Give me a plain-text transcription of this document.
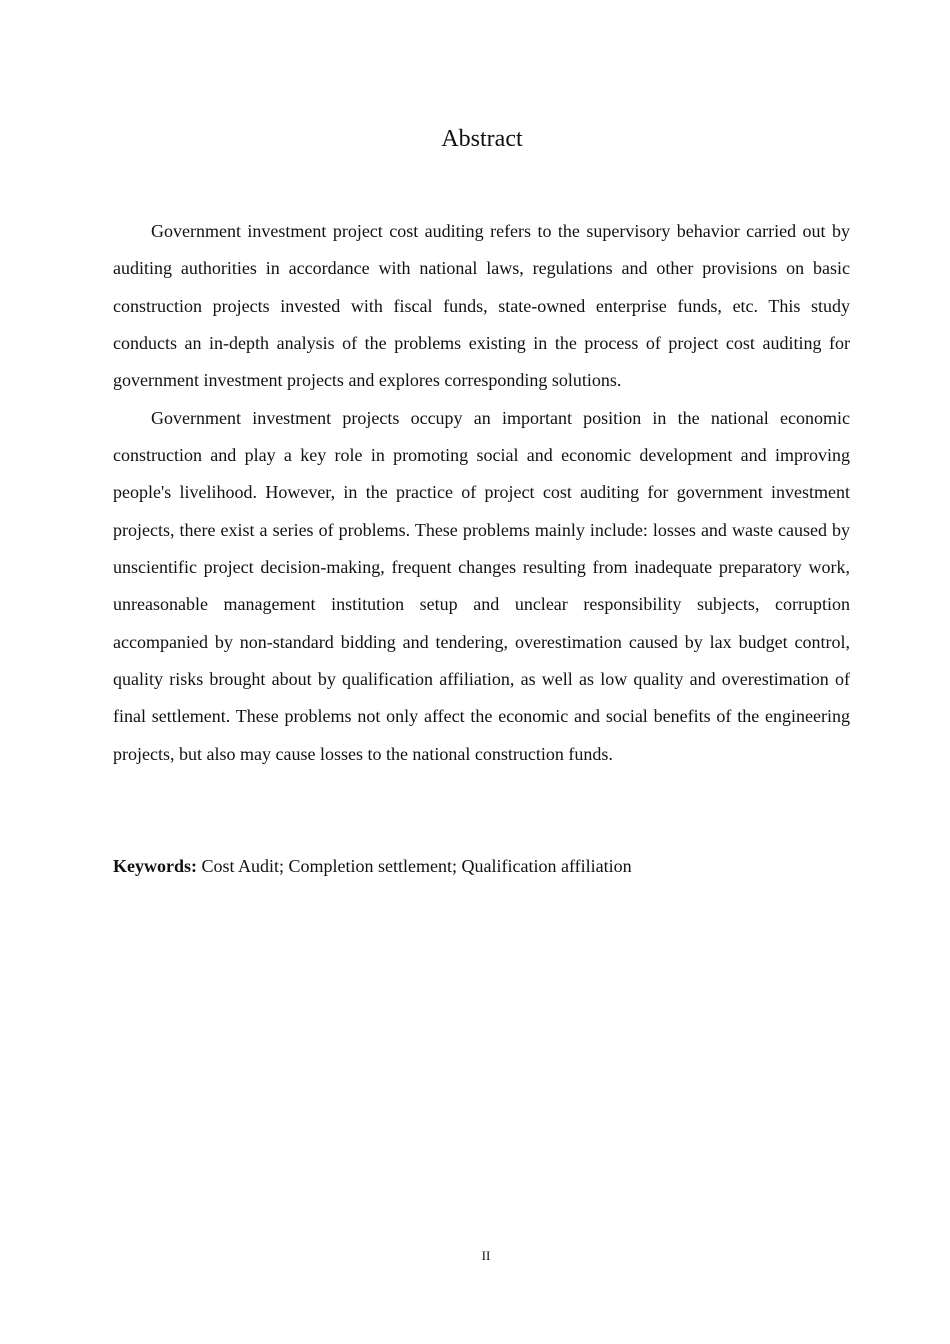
Abstract

Government investment project cost auditing refers to the supervisory behavior carried out by auditing authorities in accordance with national laws, regulations and other provisions on basic construction projects invested with fiscal funds, state-owned enterprise funds, etc. This study conducts an in-depth analysis of the problems existing in the process of project cost auditing for government investment projects and explores corresponding solutions.

Government investment projects occupy an important position in the national economic construction and play a key role in promoting social and economic development and improving people's livelihood. However, in the practice of project cost auditing for government investment projects, there exist a series of problems. These problems mainly include: losses and waste caused by unscientific project decision-making, frequent changes resulting from inadequate preparatory work, unreasonable management institution setup and unclear responsibility subjects, corruption accompanied by non-standard bidding and tendering, overestimation caused by lax budget control, quality risks brought about by qualification affiliation, as well as low quality and overestimation of final settlement. These problems not only affect the economic and social benefits of the engineering projects, but also may cause losses to the national construction funds.

Keywords: Cost Audit; Completion settlement; Qualification affiliation

II
